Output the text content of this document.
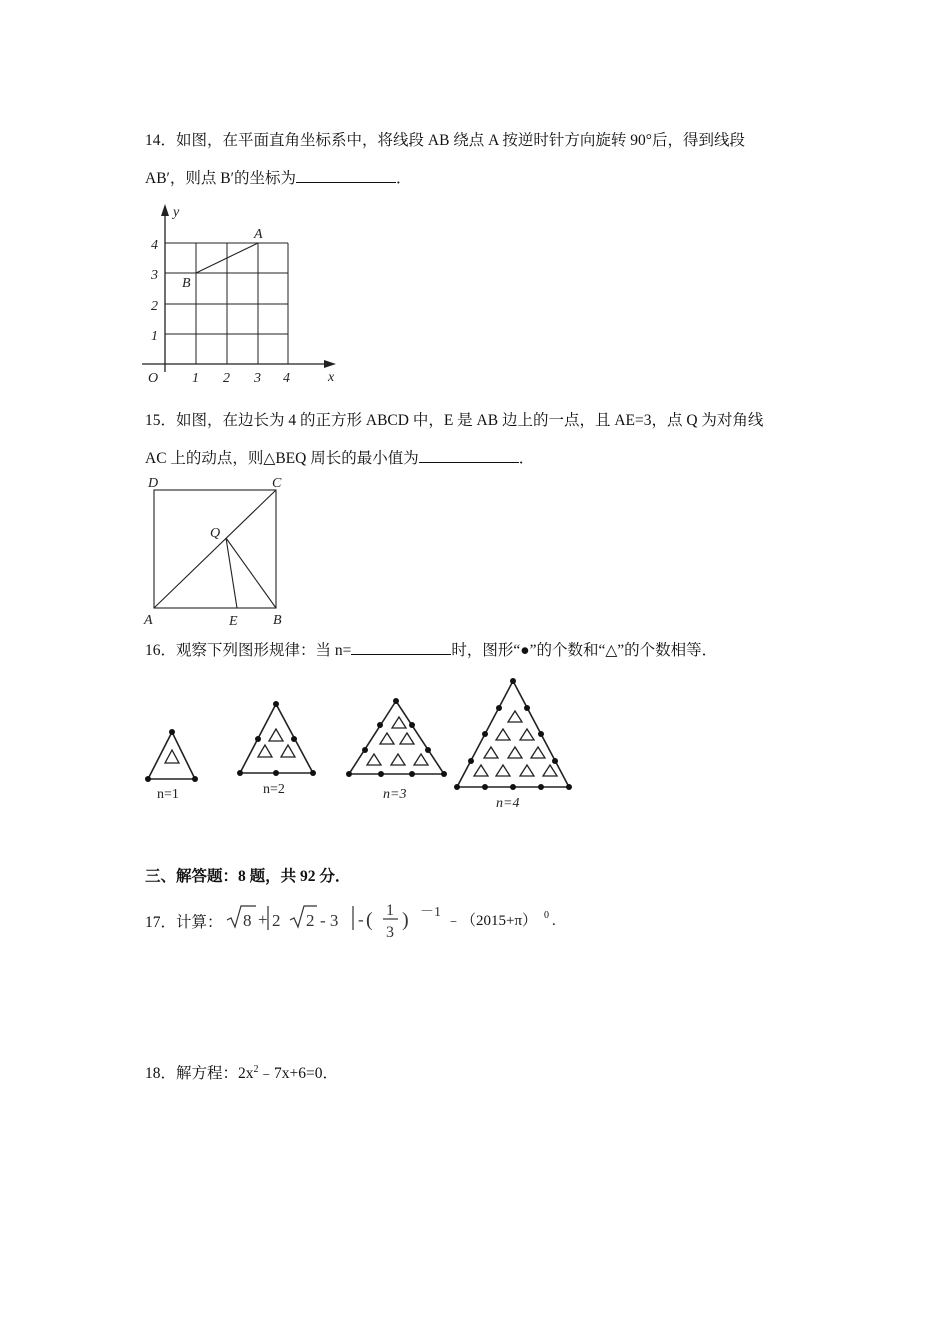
14．如图，在平面直角坐标系中，将线段 AB 绕点 A 按逆时针方向旋转 90°后，得到线段
AB′，则点 B′的坐标为	．
y
x
O 1 2 3 4
1
2
3
4
A
B
15．如图，在边长为 4 的正方形 ABCD 中，E 是 AB 边上的一点，且 AE=3，点 Q 为对角线
AC 上的动点，则△BEQ 周长的最小值为	．
D	C
A	B
E
Q
16．观察下列图形规律：当 n=	时，图形“●”的个数和“△”的个数相等．
n=1	n=2	n=3
n=4
三、解答题：8 题，共 92 分．
17．计算： 8 + 2 2 - 3 - ( 1
3
) －1
﹣（2015+π） 0 .
18．解方程：$2x^2﹣7x+6=0$．
